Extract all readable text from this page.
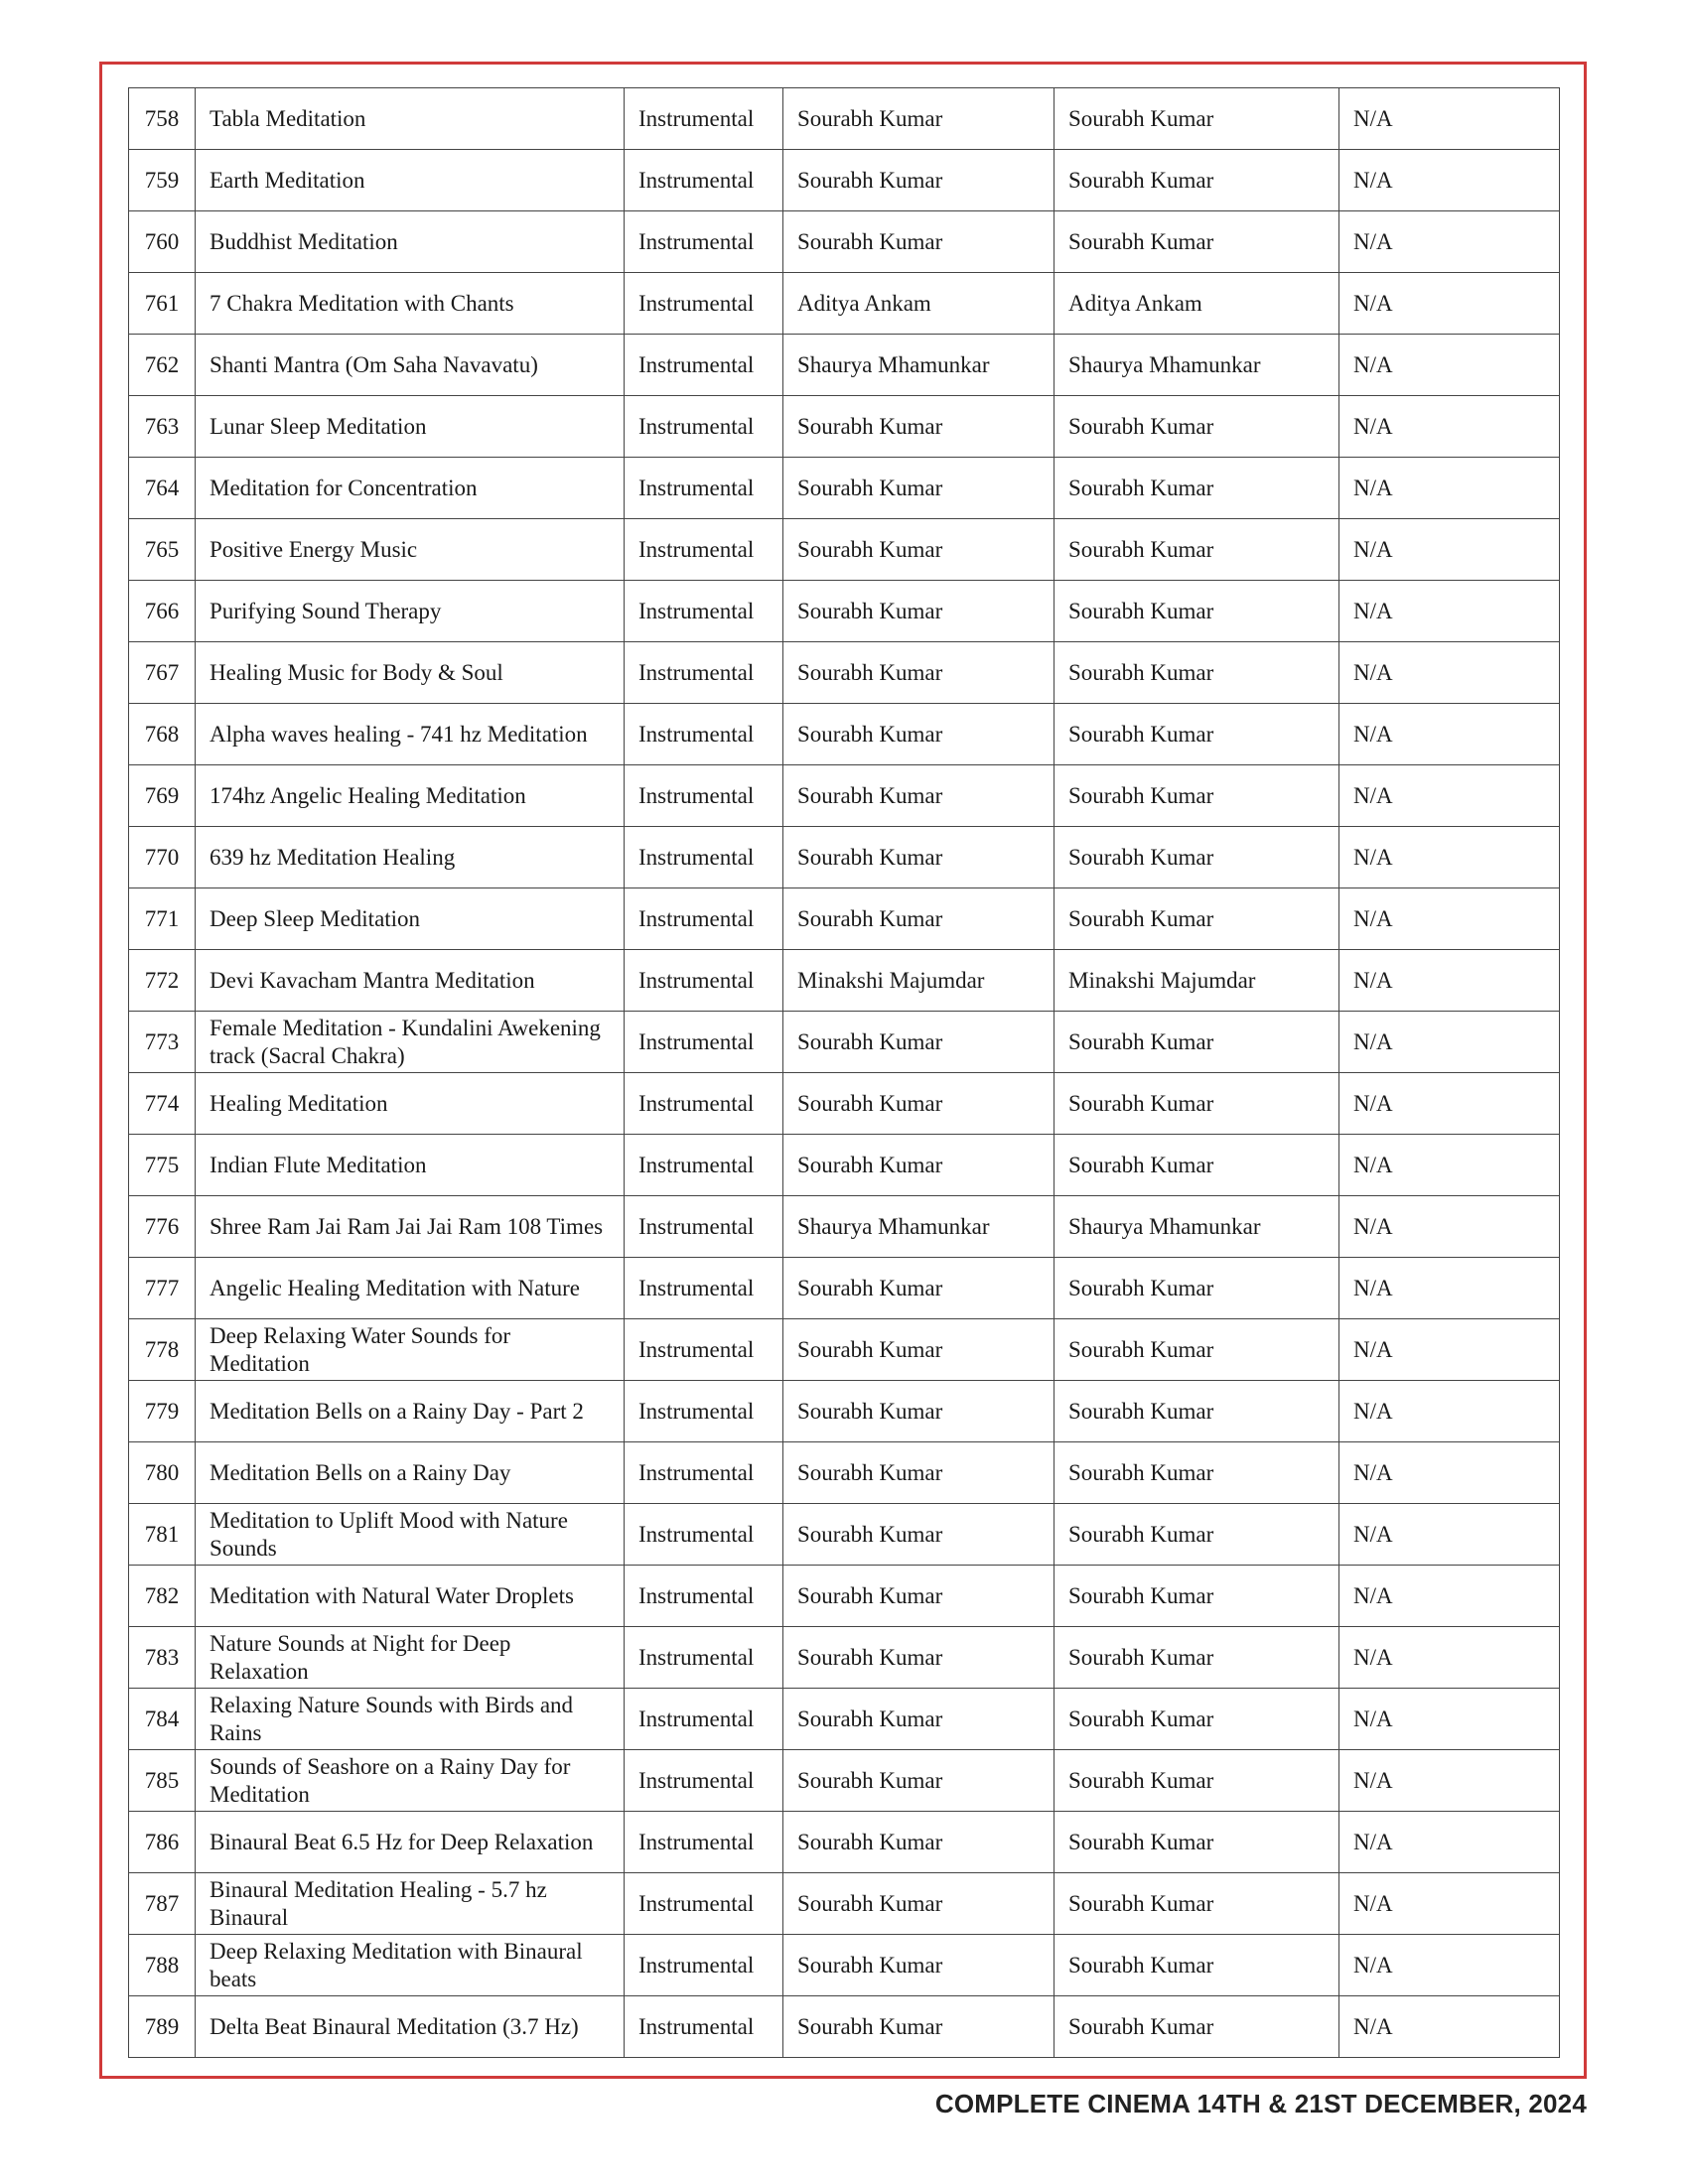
758	Tabla Meditation	Instrumental	Sourabh Kumar	Sourabh Kumar	N/A
759	Earth Meditation	Instrumental	Sourabh Kumar	Sourabh Kumar	N/A
760	Buddhist Meditation	Instrumental	Sourabh Kumar	Sourabh Kumar	N/A
761	7 Chakra Meditation with Chants	Instrumental	Aditya Ankam	Aditya Ankam	N/A
762	Shanti Mantra (Om Saha Navavatu)	Instrumental	Shaurya Mhamunkar	Shaurya Mhamunkar	N/A
763	Lunar Sleep Meditation	Instrumental	Sourabh Kumar	Sourabh Kumar	N/A
764	Meditation for Concentration	Instrumental	Sourabh Kumar	Sourabh Kumar	N/A
765	Positive Energy Music	Instrumental	Sourabh Kumar	Sourabh Kumar	N/A
766	Purifying Sound Therapy	Instrumental	Sourabh Kumar	Sourabh Kumar	N/A
767	Healing Music for Body & Soul	Instrumental	Sourabh Kumar	Sourabh Kumar	N/A
768	Alpha waves healing - 741 hz Meditation	Instrumental	Sourabh Kumar	Sourabh Kumar	N/A
769	174hz Angelic Healing Meditation	Instrumental	Sourabh Kumar	Sourabh Kumar	N/A
770	639 hz Meditation Healing	Instrumental	Sourabh Kumar	Sourabh Kumar	N/A
771	Deep Sleep Meditation	Instrumental	Sourabh Kumar	Sourabh Kumar	N/A
772	Devi Kavacham Mantra Meditation	Instrumental	Minakshi Majumdar	Minakshi Majumdar	N/A
773	Female Meditation - Kundalini Awekening track (Sacral Chakra)	Instrumental	Sourabh Kumar	Sourabh Kumar	N/A
774	Healing Meditation	Instrumental	Sourabh Kumar	Sourabh Kumar	N/A
775	Indian Flute Meditation	Instrumental	Sourabh Kumar	Sourabh Kumar	N/A
776	Shree Ram Jai Ram Jai Jai Ram 108 Times	Instrumental	Shaurya Mhamunkar	Shaurya Mhamunkar	N/A
777	Angelic Healing Meditation with Nature	Instrumental	Sourabh Kumar	Sourabh Kumar	N/A
778	Deep Relaxing Water Sounds for Meditation	Instrumental	Sourabh Kumar	Sourabh Kumar	N/A
779	Meditation Bells on a Rainy Day - Part 2	Instrumental	Sourabh Kumar	Sourabh Kumar	N/A
780	Meditation Bells on a Rainy Day	Instrumental	Sourabh Kumar	Sourabh Kumar	N/A
781	Meditation to Uplift Mood with Nature Sounds	Instrumental	Sourabh Kumar	Sourabh Kumar	N/A
782	Meditation with Natural Water Droplets	Instrumental	Sourabh Kumar	Sourabh Kumar	N/A
783	Nature Sounds at Night for Deep Relaxation	Instrumental	Sourabh Kumar	Sourabh Kumar	N/A
784	Relaxing Nature Sounds with Birds and Rains	Instrumental	Sourabh Kumar	Sourabh Kumar	N/A
785	Sounds of Seashore on a Rainy Day for Meditation	Instrumental	Sourabh Kumar	Sourabh Kumar	N/A
786	Binaural Beat 6.5 Hz for Deep Relaxation	Instrumental	Sourabh Kumar	Sourabh Kumar	N/A
787	Binaural Meditation Healing - 5.7 hz Binaural	Instrumental	Sourabh Kumar	Sourabh Kumar	N/A
788	Deep Relaxing Meditation with Binaural beats	Instrumental	Sourabh Kumar	Sourabh Kumar	N/A
789	Delta Beat Binaural Meditation (3.7 Hz)	Instrumental	Sourabh Kumar	Sourabh Kumar	N/A
COMPLETE CINEMA 14TH & 21ST DECEMBER, 2024
